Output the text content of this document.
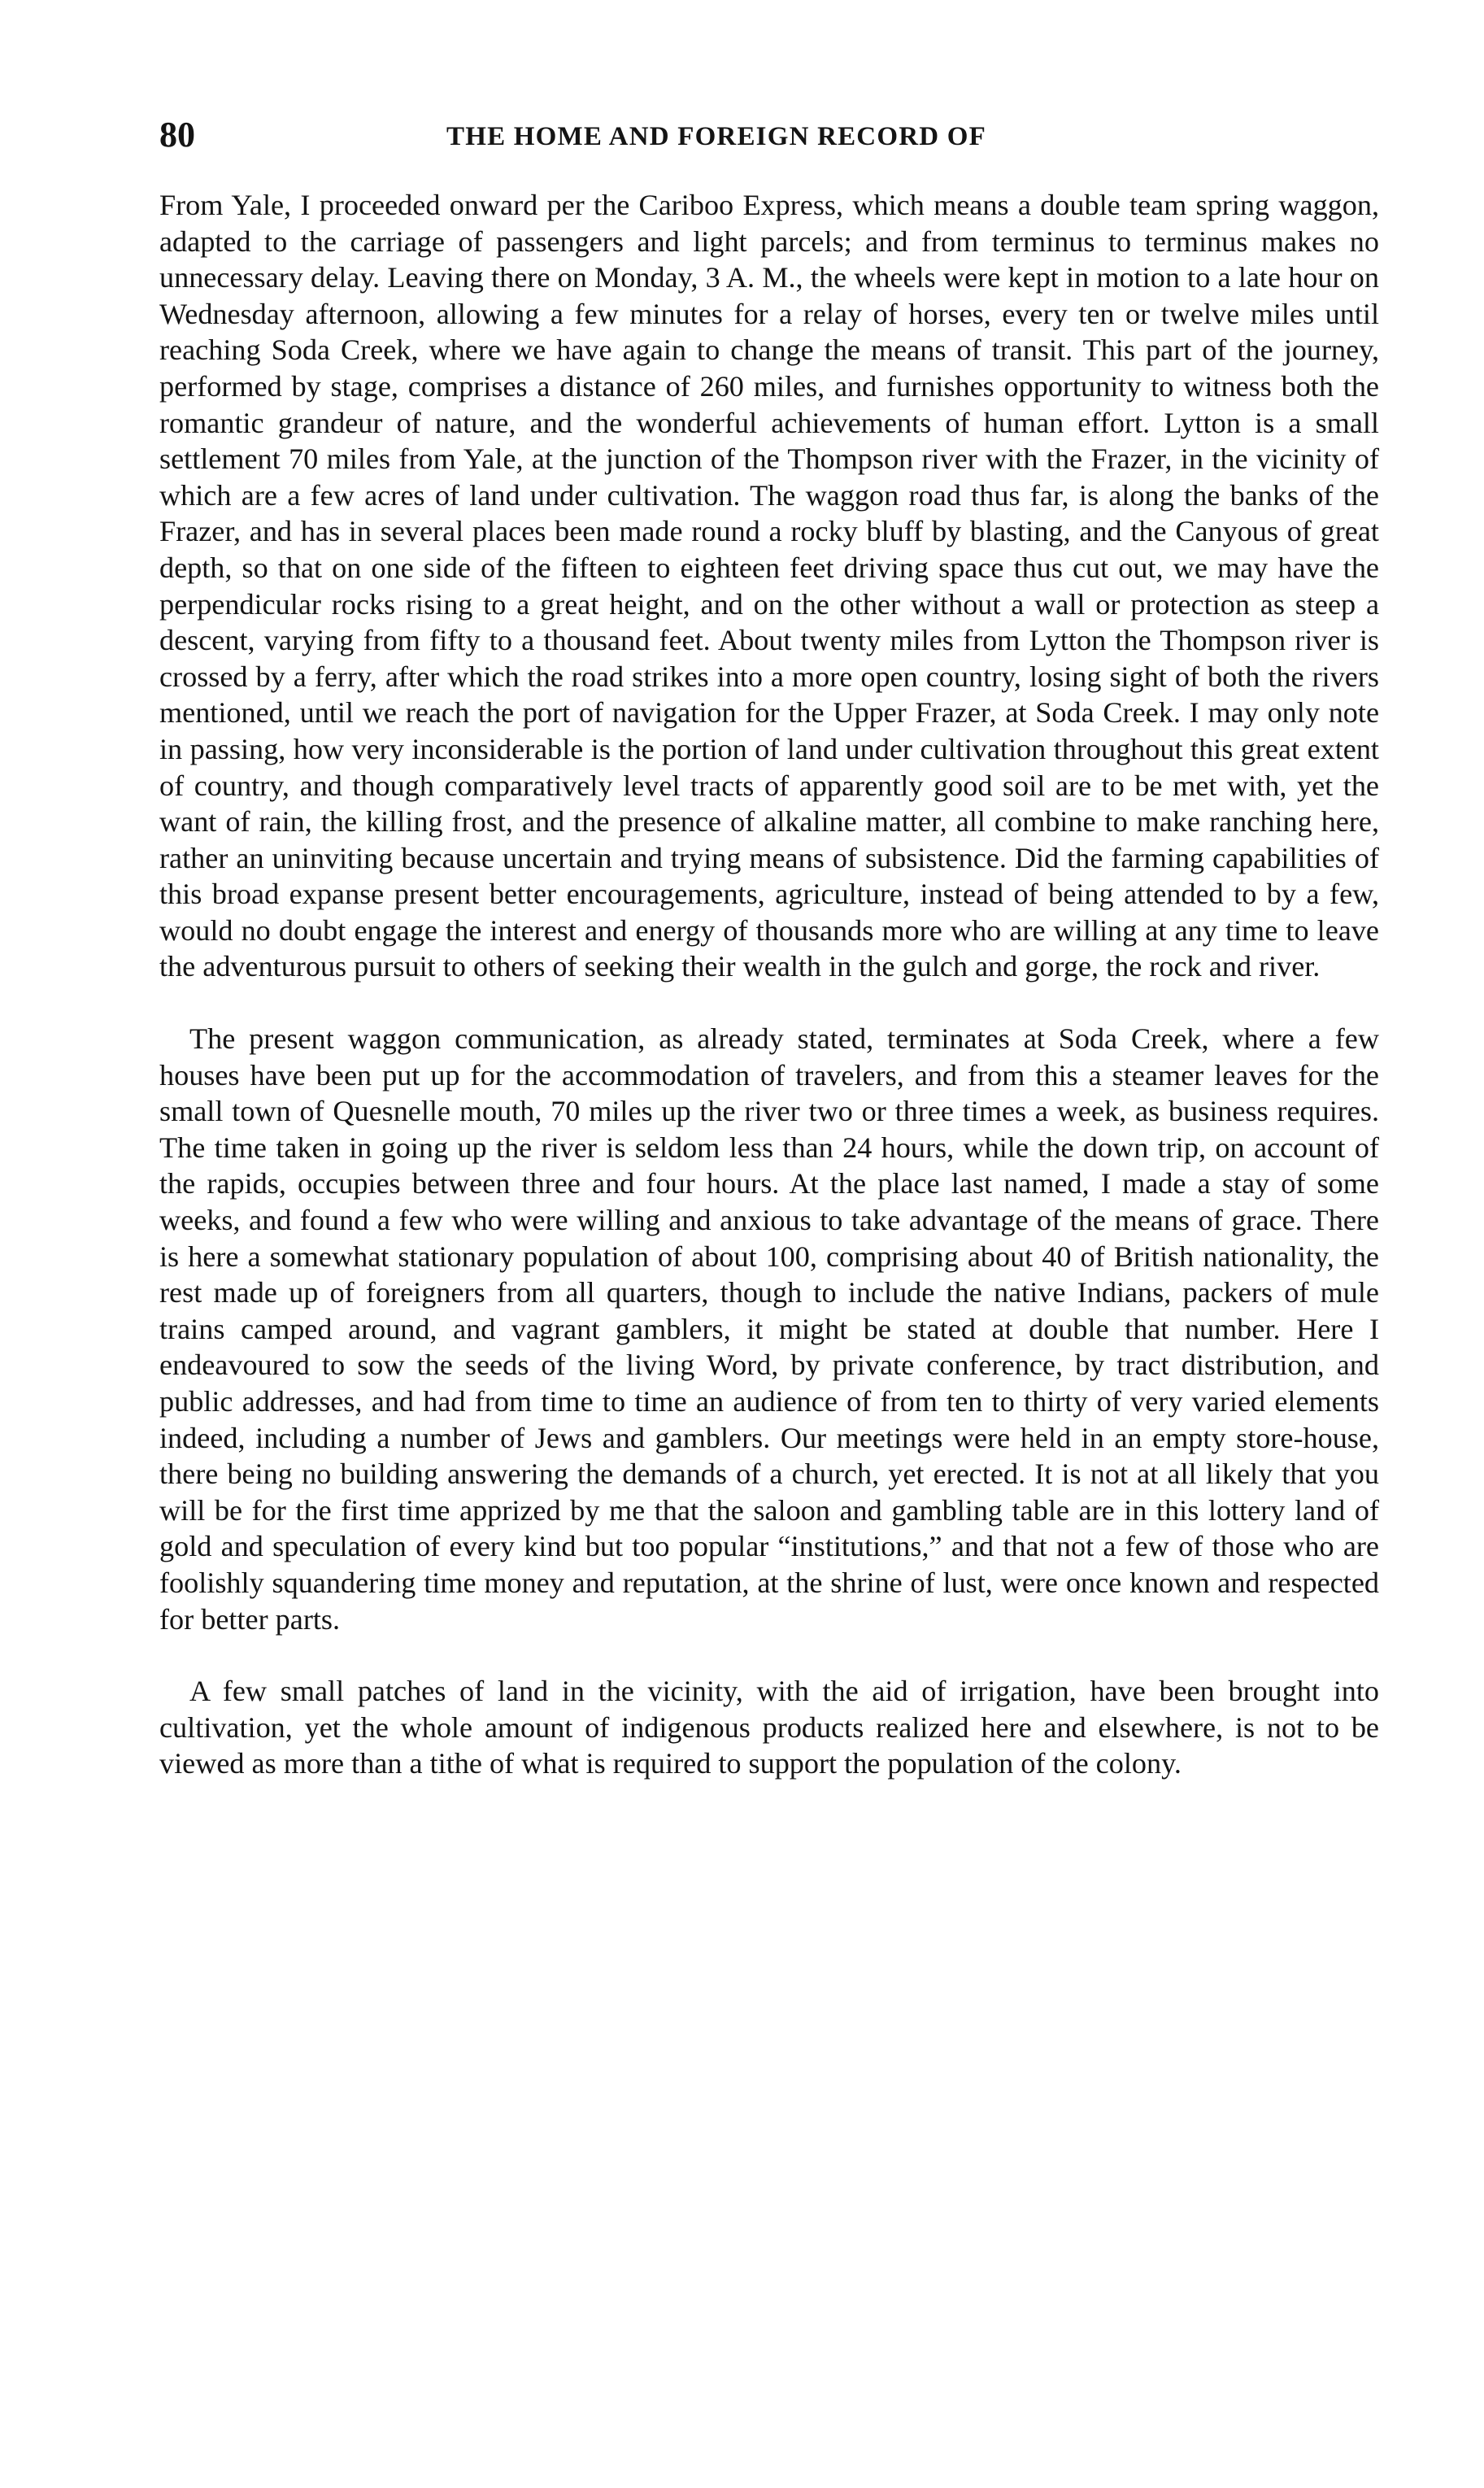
80	THE HOME AND FOREIGN RECORD OF

From Yale, I proceeded onward per the Cariboo Express, which means a double team spring waggon, adapted to the carriage of passengers and light parcels; and from terminus to terminus makes no unnecessary delay. Leaving there on Monday, 3 A. M., the wheels were kept in motion to a late hour on Wednesday afternoon, allowing a few minutes for a relay of horses, every ten or twelve miles until reaching Soda Creek, where we have again to change the means of transit. This part of the journey, performed by stage, comprises a distance of 260 miles, and furnishes opportunity to witness both the romantic grandeur of nature, and the wonderful achievements of human effort. Lytton is a small settlement 70 miles from Yale, at the junction of the Thompson river with the Frazer, in the vicinity of which are a few acres of land under cultivation. The waggon road thus far, is along the banks of the Frazer, and has in several places been made round a rocky bluff by blasting, and the Canyous of great depth, so that on one side of the fifteen to eighteen feet driving space thus cut out, we may have the perpendicular rocks rising to a great height, and on the other without a wall or protection as steep a descent, varying from fifty to a thousand feet. About twenty miles from Lytton the Thompson river is crossed by a ferry, after which the road strikes into a more open country, losing sight of both the rivers mentioned, until we reach the port of navigation for the Upper Frazer, at Soda Creek. I may only note in passing, how very inconsiderable is the portion of land under cultivation throughout this great extent of country, and though comparatively level tracts of apparently good soil are to be met with, yet the want of rain, the killing frost, and the presence of alkaline matter, all combine to make ranching here, rather an uninviting because uncertain and trying means of subsistence. Did the farming capabilities of this broad expanse present better encouragements, agriculture, instead of being attended to by a few, would no doubt engage the interest and energy of thousands more who are willing at any time to leave the adventurous pursuit to others of seeking their wealth in the gulch and gorge, the rock and river.

The present waggon communication, as already stated, terminates at Soda Creek, where a few houses have been put up for the accommodation of travelers, and from this a steamer leaves for the small town of Quesnelle mouth, 70 miles up the river two or three times a week, as business requires. The time taken in going up the river is seldom less than 24 hours, while the down trip, on account of the rapids, occupies between three and four hours. At the place last named, I made a stay of some weeks, and found a few who were willing and anxious to take advantage of the means of grace. There is here a somewhat stationary population of about 100, comprising about 40 of British nationality, the rest made up of foreigners from all quarters, though to include the native Indians, packers of mule trains camped around, and vagrant gamblers, it might be stated at double that number. Here I endeavoured to sow the seeds of the living Word, by private conference, by tract distribution, and public addresses, and had from time to time an audience of from ten to thirty of very varied elements indeed, including a number of Jews and gamblers. Our meetings were held in an empty store-house, there being no building answering the demands of a church, yet erected. It is not at all likely that you will be for the first time apprized by me that the saloon and gambling table are in this lottery land of gold and speculation of every kind but too popular “institutions,” and that not a few of those who are foolishly squandering time money and reputation, at the shrine of lust, were once known and respected for better parts.

A few small patches of land in the vicinity, with the aid of irrigation, have been brought into cultivation, yet the whole amount of indigenous products realized here and elsewhere, is not to be viewed as more than a tithe of what is required to support the population of the colony.
